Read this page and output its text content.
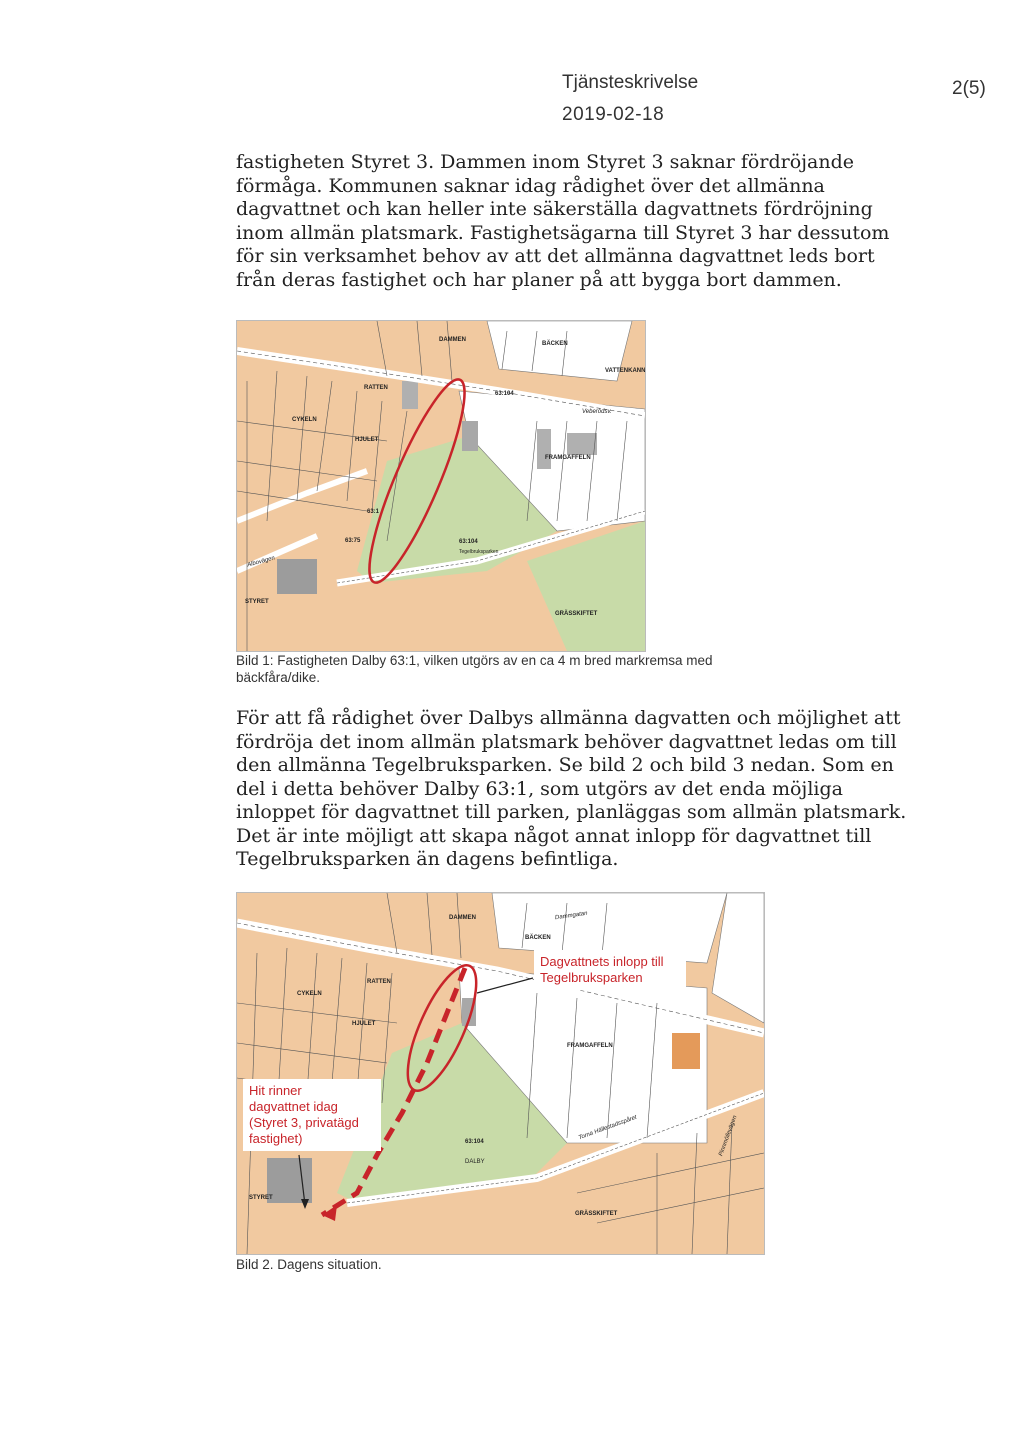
Tjänsteskrivelse
2019-02-18
2(5)

fastigheten Styret 3. Dammen inom Styret 3 saknar fördröjande
förmåga. Kommunen saknar idag rådighet över det allmänna
dagvattnet och kan heller inte säkerställa dagvattnets fördröjning
inom allmän platsmark. Fastighetsägarna till Styret 3 har dessutom
för sin verksamhet behov av att det allmänna dagvattnet leds bort
från deras fastighet och har planer på att bygga bort dammen.

DAMMEN
BÄCKEN
VATTENKANN
RATTEN
CYKELN
HJULET
FRAMGAFFELN
63:104
63:104
Tegelbruksparken
63:1
63:75
STYRET
GRÄSSKIFTET
Albovägen
Veberödsv.

Bild 1: Fastigheten Dalby 63:1, vilken utgörs av en ca 4 m bred markremsa med
bäckfåra/dike.

För att få rådighet över Dalbys allmänna dagvatten och möjlighet att
fördröja det inom allmän platsmark behöver dagvattnet ledas om till
den allmänna Tegelbruksparken. Se bild 2 och bild 3 nedan. Som en
del i detta behöver Dalby 63:1, som utgörs av det enda möjliga
inloppet för dagvattnet till parken, planläggas som allmän platsmark.
Det är inte möjligt att skapa något annat inlopp för dagvattnet till
Tegelbruksparken än dagens befintliga.

DAMMEN
BÄCKEN
Dammgatan
RATTEN
CYKELN
HJULET
FRAMGAFFELN
63:104
DALBY
STYRET
GRÄSSKIFTET
Torna Hällestadsspåret	Pinnmöllevägen
Dagvattnets inlopp till
Tegelbruksparken
Hit rinner
dagvattnet idag
(Styret 3, privatägd
fastighet)

Bild 2. Dagens situation.
